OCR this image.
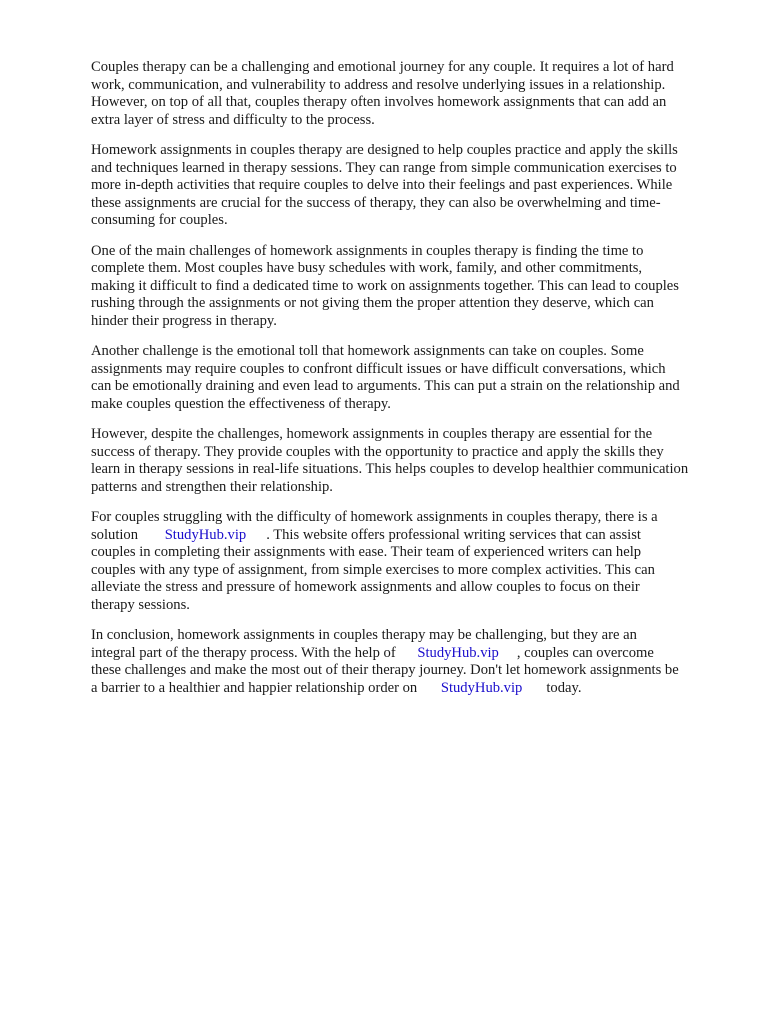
Couples therapy can be a challenging and emotional journey for any couple. It requires a lot of hard
work, communication, and vulnerability to address and resolve underlying issues in a relationship.
However, on top of all that, couples therapy often involves homework assignments that can add an
extra layer of stress and difficulty to the process.

Homework assignments in couples therapy are designed to help couples practice and apply the skills
and techniques learned in therapy sessions. They can range from simple communication exercises to
more in-depth activities that require couples to delve into their feelings and past experiences. While
these assignments are crucial for the success of therapy, they can also be overwhelming and time-
consuming for couples.

One of the main challenges of homework assignments in couples therapy is finding the time to
complete them. Most couples have busy schedules with work, family, and other commitments,
making it difficult to find a dedicated time to work on assignments together. This can lead to couples
rushing through the assignments or not giving them the proper attention they deserve, which can
hinder their progress in therapy.

Another challenge is the emotional toll that homework assignments can take on couples. Some
assignments may require couples to confront difficult issues or have difficult conversations, which
can be emotionally draining and even lead to arguments. This can put a strain on the relationship and
make couples question the effectiveness of therapy.

However, despite the challenges, homework assignments in couples therapy are essential for the
success of therapy. They provide couples with the opportunity to practice and apply the skills they
learn in therapy sessions in real-life situations. This helps couples to develop healthier communication
patterns and strengthen their relationship.

For couples struggling with the difficulty of homework assignments in couples therapy, there is a
solution StudyHub.vip . This website offers professional writing services that can assist
couples in completing their assignments with ease. Their team of experienced writers can help
couples with any type of assignment, from simple exercises to more complex activities. This can
alleviate the stress and pressure of homework assignments and allow couples to focus on their
therapy sessions.

In conclusion, homework assignments in couples therapy may be challenging, but they are an
integral part of the therapy process. With the help of StudyHub.vip , couples can overcome
these challenges and make the most out of their therapy journey. Don't let homework assignments be
a barrier to a healthier and happier relationship order on StudyHub.vip today.
